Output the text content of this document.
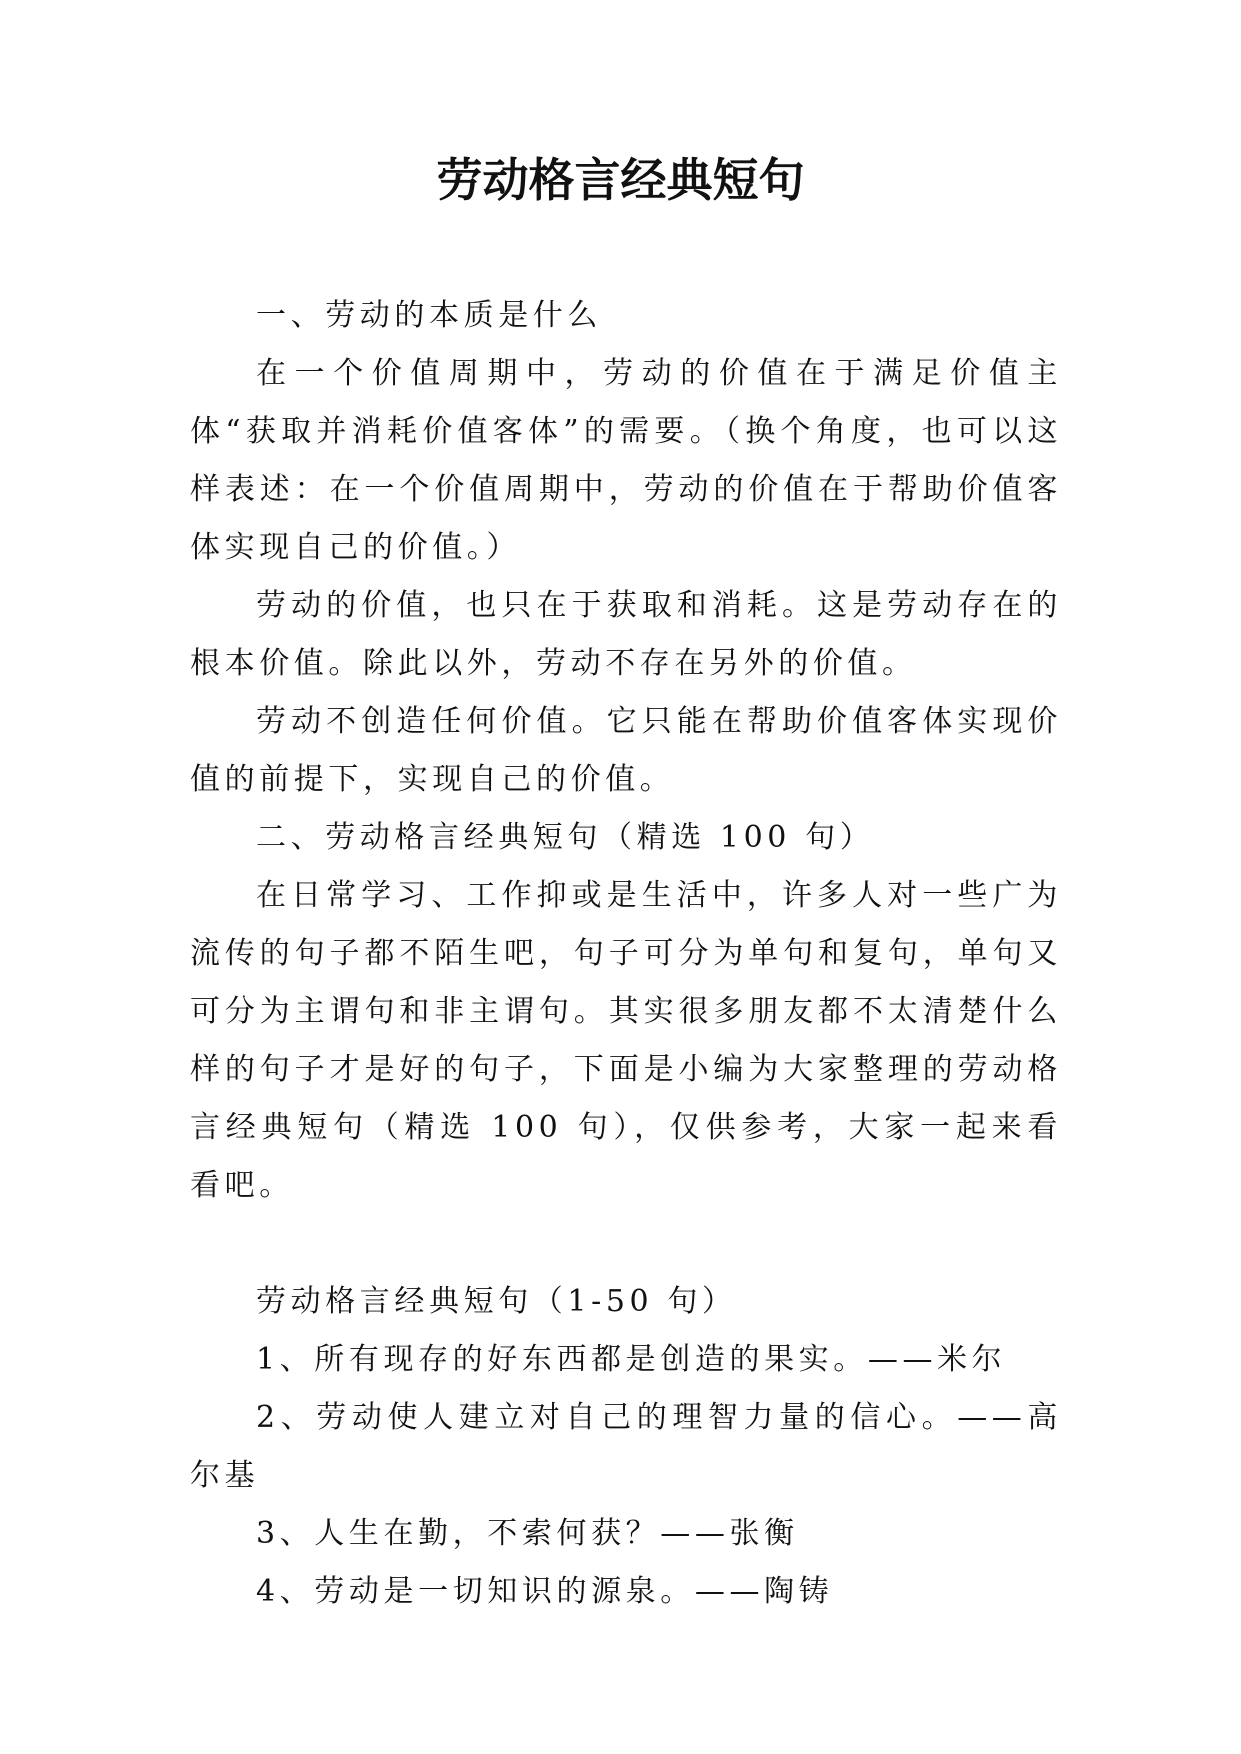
劳动格言经典短句

一、劳动的本质是什么

在一个价值周期中，劳动的价值在于满足价值主体“获取并消耗价值客体”的需要。（换个角度，也可以这样表述：在一个价值周期中，劳动的价值在于帮助价值客体实现自己的价值。）

劳动的价值，也只在于获取和消耗。这是劳动存在的根本价值。除此以外，劳动不存在另外的价值。

劳动不创造任何价值。它只能在帮助价值客体实现价值的前提下，实现自己的价值。

二、劳动格言经典短句（精选 100 句）

在日常学习、工作抑或是生活中，许多人对一些广为流传的句子都不陌生吧，句子可分为单句和复句，单句又可分为主谓句和非主谓句。其实很多朋友都不太清楚什么样的句子才是好的句子，下面是小编为大家整理的劳动格言经典短句（精选 100 句），仅供参考，大家一起来看看吧。

劳动格言经典短句（1-50 句）

1、所有现存的好东西都是创造的果实。——米尔

2、劳动使人建立对自己的理智力量的信心。——高尔基

3、人生在勤，不索何获？——张衡

4、劳动是一切知识的源泉。——陶铸
